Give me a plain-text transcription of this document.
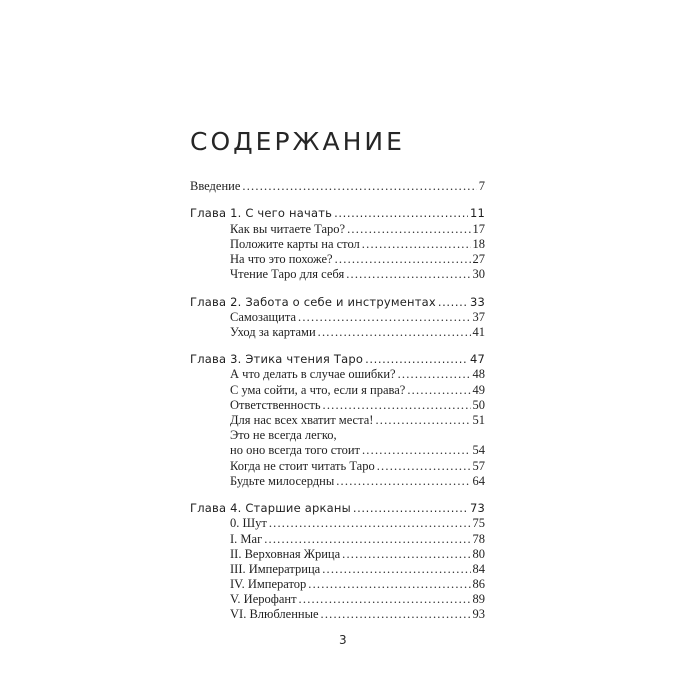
СОДЕРЖАНИЕ
Введение .....	7
Глава 1. С чего начать .....	11
Как вы читаете Таро? .....	17
Положите карты на стол .....	18
На что это похоже? .....	27
Чтение Таро для себя .....	30
Глава 2. Забота о себе и инструментах .....	33
Самозащита .....	37
Уход за картами .....	41
Глава 3. Этика чтения Таро .....	47
А что делать в случае ошибки? .....	48
С ума сойти, а что, если я права? .....	49
Ответственность .....	50
Для нас всех хватит места! .....	51
Это не всегда легко,
но оно всегда того стоит .....	54
Когда не стоит читать Таро .....	57
Будьте милосердны .....	64
Глава 4. Старшие арканы .....	73
0. Шут .....	75
I. Маг .....	78
II. Верховная Жрица .....	80
III. Императрица .....	84
IV. Император .....	86
V. Иерофант .....	89
VI. Влюбленные .....	93
3
